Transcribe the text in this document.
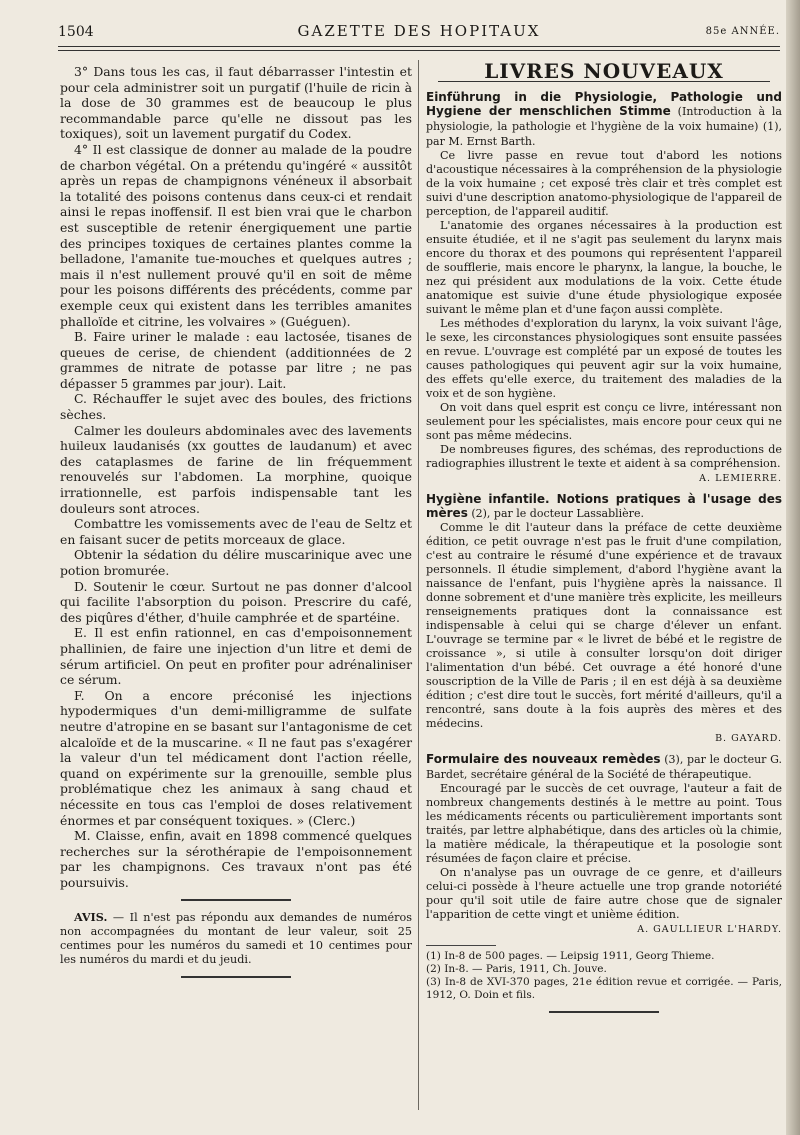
1504	GAZETTE DES HOPITAUX	85e ANNÉE.

3° Dans tous les cas, il faut débarrasser l'intestin et pour cela administrer soit un purgatif (l'huile de ricin à la dose de 30 grammes est de beaucoup le plus recommandable parce qu'elle ne dissout pas les toxiques), soit un lavement purgatif du Codex.

4° Il est classique de donner au malade de la poudre de charbon végétal. On a prétendu qu'ingéré « aussitôt après un repas de champignons vénéneux il absorbait la totalité des poisons contenus dans ceux-ci et rendait ainsi le repas inoffensif. Il est bien vrai que le charbon est susceptible de retenir énergiquement une partie des principes toxiques de certaines plantes comme la belladone, l'amanite tue-mouches et quelques autres ; mais il n'est nullement prouvé qu'il en soit de même pour les poisons différents des précédents, comme par exemple ceux qui existent dans les terribles amanites phalloïde et citrine, les volvaires » (Guéguen).

B. Faire uriner le malade : eau lactosée, tisanes de queues de cerise, de chiendent (additionnées de 2 grammes de nitrate de potasse par litre ; ne pas dépasser 5 grammes par jour). Lait.

C. Réchauffer le sujet avec des boules, des frictions sèches.

Calmer les douleurs abdominales avec des lavements huileux laudanisés (xx gouttes de laudanum) et avec des cataplasmes de farine de lin fréquemment renouvelés sur l'abdomen. La morphine, quoique irrationnelle, est parfois indispensable tant les douleurs sont atroces.

Combattre les vomissements avec de l'eau de Seltz et en faisant sucer de petits morceaux de glace.

Obtenir la sédation du délire muscarinique avec une potion bromurée.

D. Soutenir le cœur. Surtout ne pas donner d'alcool qui facilite l'absorption du poison. Prescrire du café, des piqûres d'éther, d'huile camphrée et de spartéine.

E. Il est enfin rationnel, en cas d'empoisonnement phallinien, de faire une injection d'un litre et demi de sérum artificiel. On peut en profiter pour adrénaliniser ce sérum.

F. On a encore préconisé les injections hypodermiques d'un demi-milligramme de sulfate neutre d'atropine en se basant sur l'antagonisme de cet alcaloïde et de la muscarine. « Il ne faut pas s'exagérer la valeur d'un tel médicament dont l'action réelle, quand on expérimente sur la grenouille, semble plus problématique chez les animaux à sang chaud et nécessite en tous cas l'emploi de doses relativement énormes et par conséquent toxiques. » (Clerc.)

M. Claisse, enfin, avait en 1898 commencé quelques recherches sur la sérothérapie de l'empoisonnement par les champignons. Ces travaux n'ont pas été poursuivis.

AVIS. — Il n'est pas répondu aux demandes de numéros non accompagnées du montant de leur valeur, soit 25 centimes pour les numéros du samedi et 10 centimes pour les numéros du mardi et du jeudi.

LIVRES NOUVEAUX

Einführung in die Physiologie, Pathologie und Hygiene der menschlichen Stimme (Introduction à la physiologie, la pathologie et l'hygiène de la voix humaine) (1), par M. Ernst Barth.

Ce livre passe en revue tout d'abord les notions d'acoustique nécessaires à la compréhension de la physiologie de la voix humaine ; cet exposé très clair et très complet est suivi d'une description anatomo-physiologique de l'appareil de perception, de l'appareil auditif.

L'anatomie des organes nécessaires à la production est ensuite étudiée, et il ne s'agit pas seulement du larynx mais encore du thorax et des poumons qui représentent l'appareil de soufflerie, mais encore le pharynx, la langue, la bouche, le nez qui président aux modulations de la voix. Cette étude anatomique est suivie d'une étude physiologique exposée suivant le même plan et d'une façon aussi complète.

Les méthodes d'exploration du larynx, la voix suivant l'âge, le sexe, les circonstances physiologiques sont ensuite passées en revue. L'ouvrage est complété par un exposé de toutes les causes pathologiques qui peuvent agir sur la voix humaine, des effets qu'elle exerce, du traitement des maladies de la voix et de son hygiène.

On voit dans quel esprit est conçu ce livre, intéressant non seulement pour les spécialistes, mais encore pour ceux qui ne sont pas même médecins.

De nombreuses figures, des schémas, des reproductions de radiographies illustrent le texte et aident à sa compréhension.

A. LEMIERRE.

Hygiène infantile. Notions pratiques à l'usage des mères (2), par le docteur Lassablière.

Comme le dit l'auteur dans la préface de cette deuxième édition, ce petit ouvrage n'est pas le fruit d'une compilation, c'est au contraire le résumé d'une expérience et de travaux personnels. Il étudie simplement, d'abord l'hygiène avant la naissance de l'enfant, puis l'hygiène après la naissance. Il donne sobrement et d'une manière très explicite, les meilleurs renseignements pratiques dont la connaissance est indispensable à celui qui se charge d'élever un enfant. L'ouvrage se termine par « le livret de bébé et le registre de croissance », si utile à consulter lorsqu'on doit diriger l'alimentation d'un bébé. Cet ouvrage a été honoré d'une souscription de la Ville de Paris ; il en est déjà à sa deuxième édition ; c'est dire tout le succès, fort mérité d'ailleurs, qu'il a rencontré, sans doute à la fois auprès des mères et des médecins.

B. GAYARD.

Formulaire des nouveaux remèdes (3), par le docteur G. Bardet, secrétaire général de la Société de thérapeutique.

Encouragé par le succès de cet ouvrage, l'auteur a fait de nombreux changements destinés à le mettre au point. Tous les médicaments récents ou particulièrement importants sont traités, par lettre alphabétique, dans des articles où la chimie, la matière médicale, la thérapeutique et la posologie sont résumées de façon claire et précise.

On n'analyse pas un ouvrage de ce genre, et d'ailleurs celui-ci possède à l'heure actuelle une trop grande notoriété pour qu'il soit utile de faire autre chose que de signaler l'apparition de cette vingt et unième édition.

A. GAULLIEUR L'HARDY.

(1) In-8 de 500 pages. — Leipsig 1911, Georg Thieme.

(2) In-8. — Paris, 1911, Ch. Jouve.

(3) In-8 de XVI-370 pages, 21e édition revue et corrigée. — Paris, 1912, O. Doin et fils.
